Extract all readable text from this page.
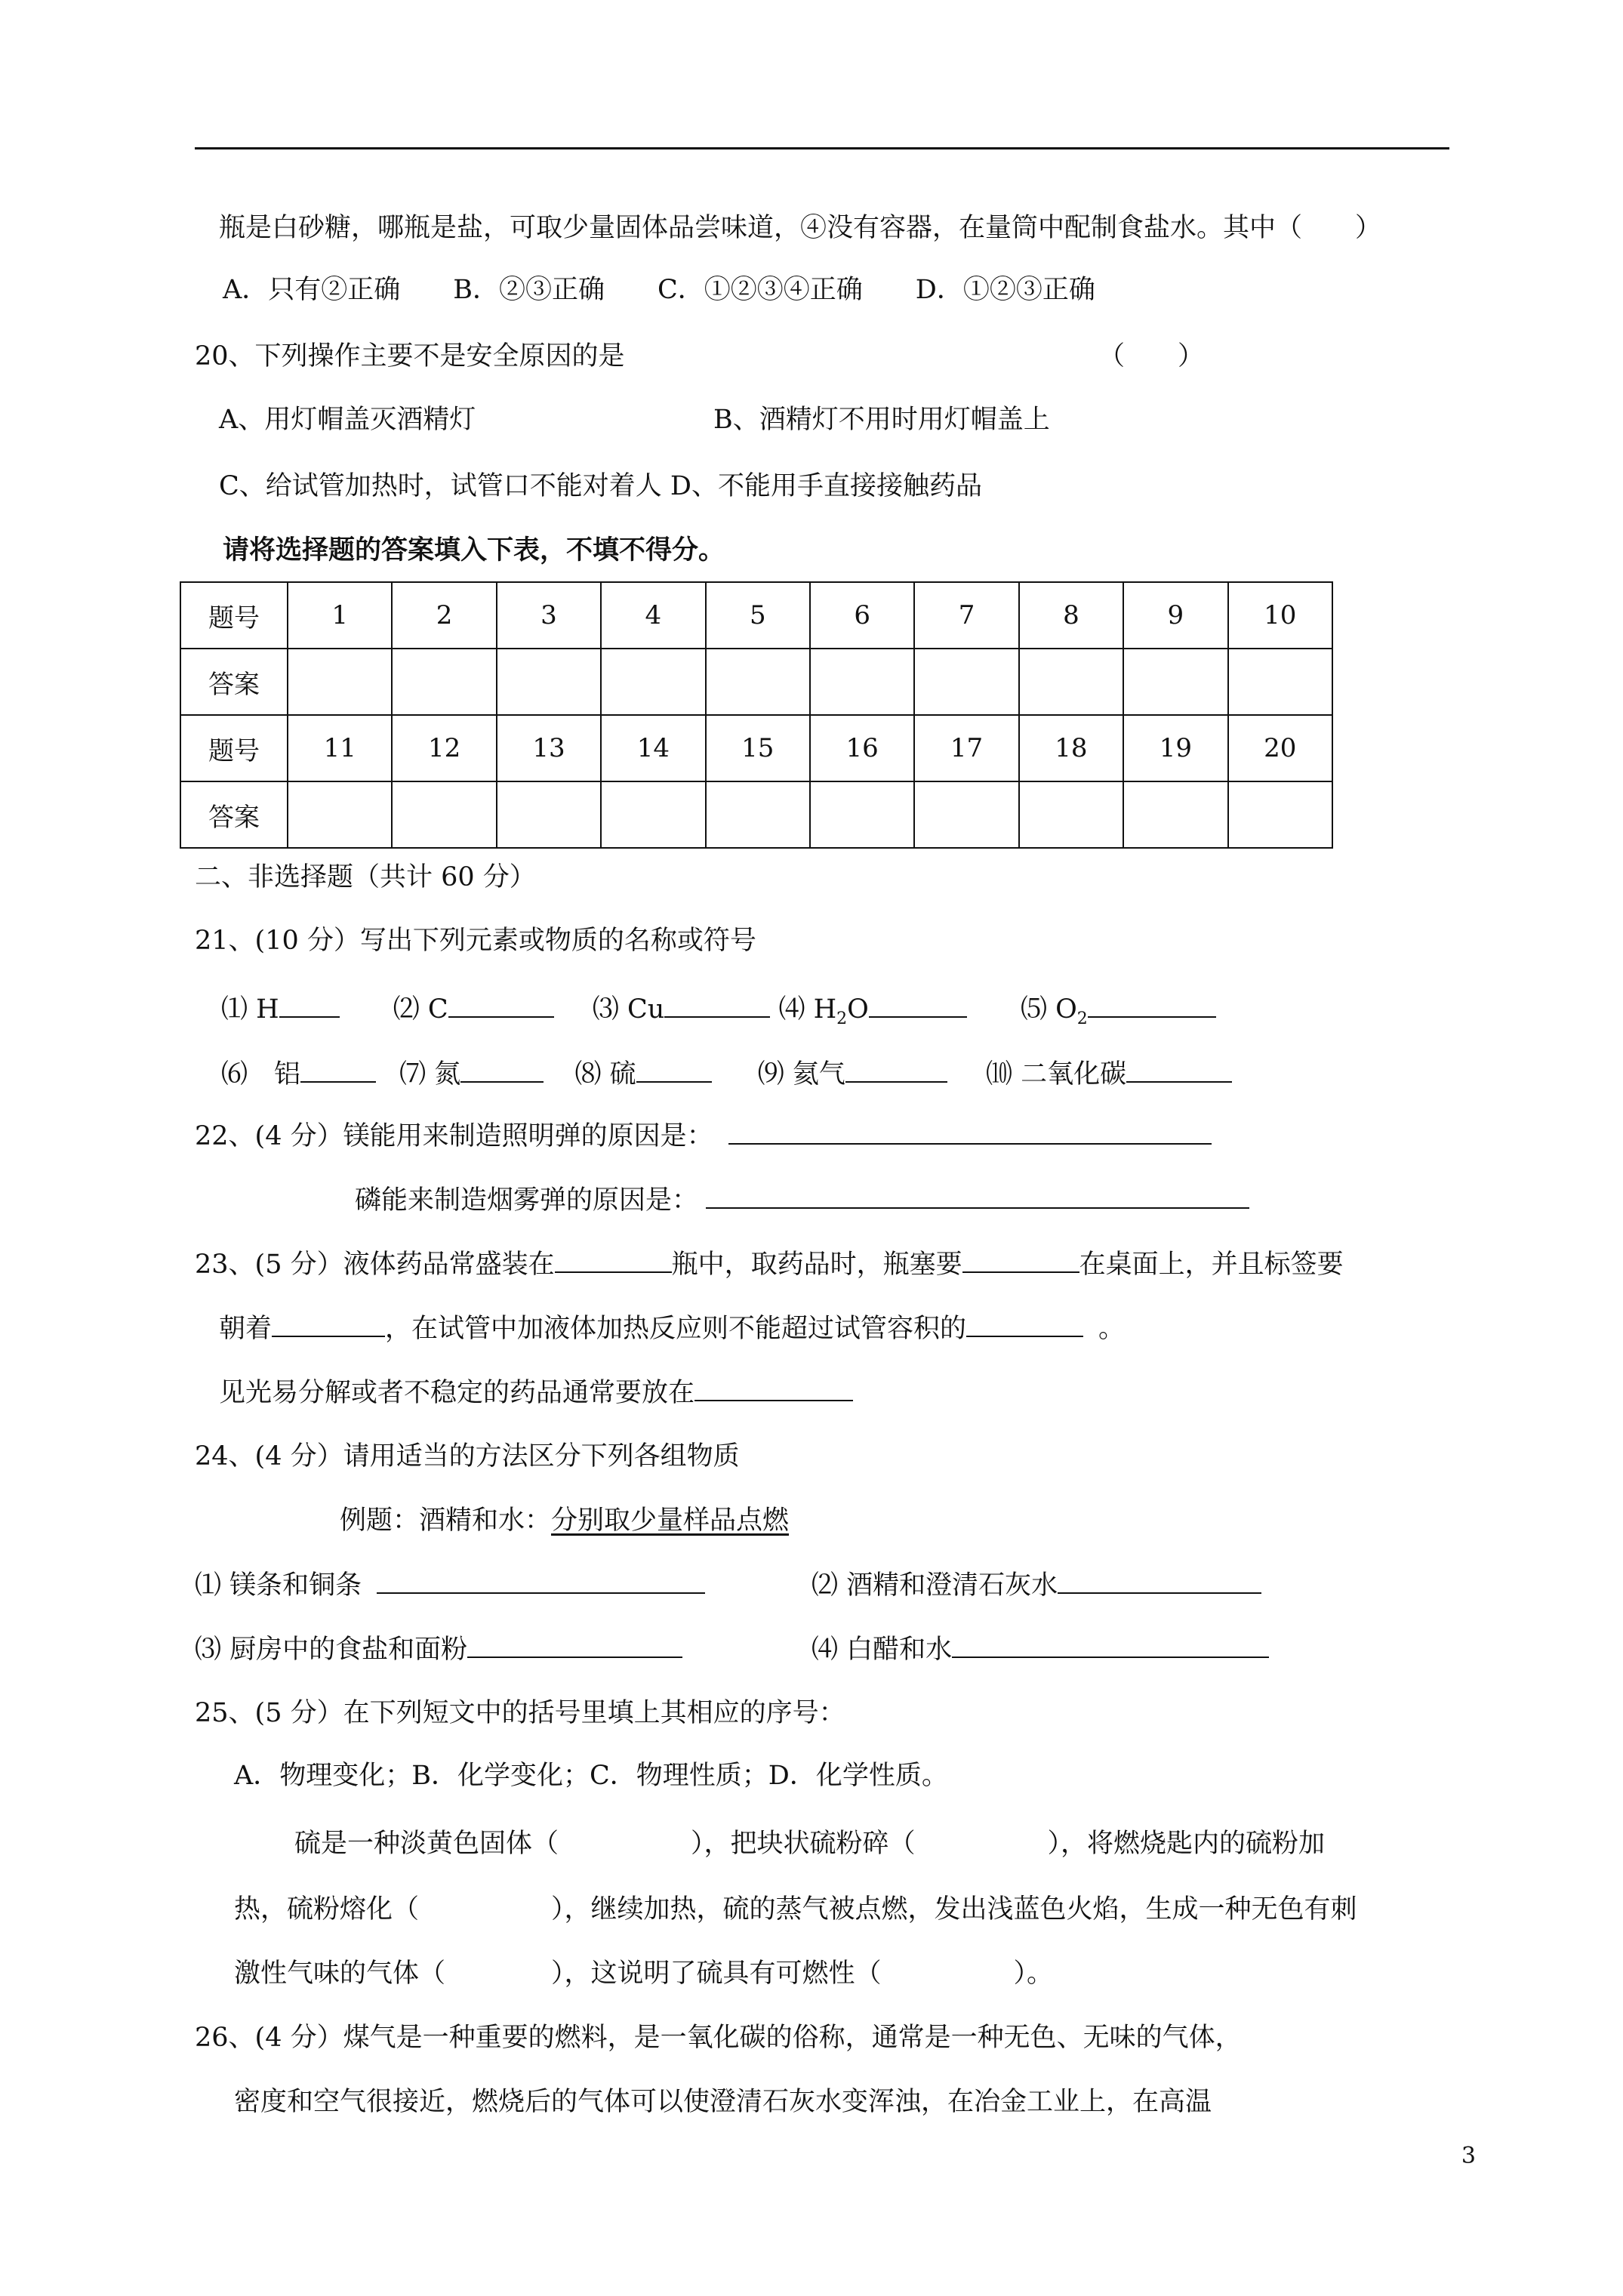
瓶是白砂糖，哪瓶是盐，可取少量固体品尝味道，④没有容器，在量筒中配制食盐水。其中（　　）
A．只有②正确　　B．②③正确　　C．①②③④正确　　D．①②③正确
20、下列操作主要不是安全原因的是	（　　）
A、用灯帽盖灭酒精灯	B、酒精灯不用时用灯帽盖上
C、给试管加热时，试管口不能对着人 D、不能用手直接接触药品
请将选择题的答案填入下表，不填不得分。
题号	1	2	3	4	5	6	7	8	9	10
答案										
题号	11	12	13	14	15	16	17	18	19	20
答案										
二、非选择题（共计 60 分）
21、(10 分）写出下列元素或物质的名称或符号
⑴ H	⑵ C	⑶ Cu	⑷ $H_2O$	⑸ $O_2$
⑹　铝	⑺ 氮	⑻ 硫	⑼ 氦气	⑽ 二氧化碳
22、(4 分）镁能用来制造照明弹的原因是：
磷能来制造烟雾弹的原因是：
23、(5 分）液体药品常盛装在	瓶中，取药品时，瓶塞要	在桌面上，并且标签要
朝着	，在试管中加液体加热反应则不能超过试管容积的	。
见光易分解或者不稳定的药品通常要放在
24、(4 分）请用适当的方法区分下列各组物质
例题：酒精和水：分别取少量样品点燃
⑴ 镁条和铜条	⑵ 酒精和澄清石灰水
⑶ 厨房中的食盐和面粉	⑷ 白醋和水
25、(5 分）在下列短文中的括号里填上其相应的序号：
A．物理变化；B．化学变化；C．物理性质；D．化学性质。
硫是一种淡黄色固体（　　　　　），把块状硫粉碎（　　　　　），将燃烧匙内的硫粉加
热，硫粉熔化（　　　　　），继续加热，硫的蒸气被点燃，发出浅蓝色火焰，生成一种无色有刺
激性气味的气体（　　　　），这说明了硫具有可燃性（　　　　　）。
26、(4 分）煤气是一种重要的燃料，是一氧化碳的俗称，通常是一种无色、无味的气体，
密度和空气很接近，燃烧后的气体可以使澄清石灰水变浑浊，在冶金工业上，在高温
3
